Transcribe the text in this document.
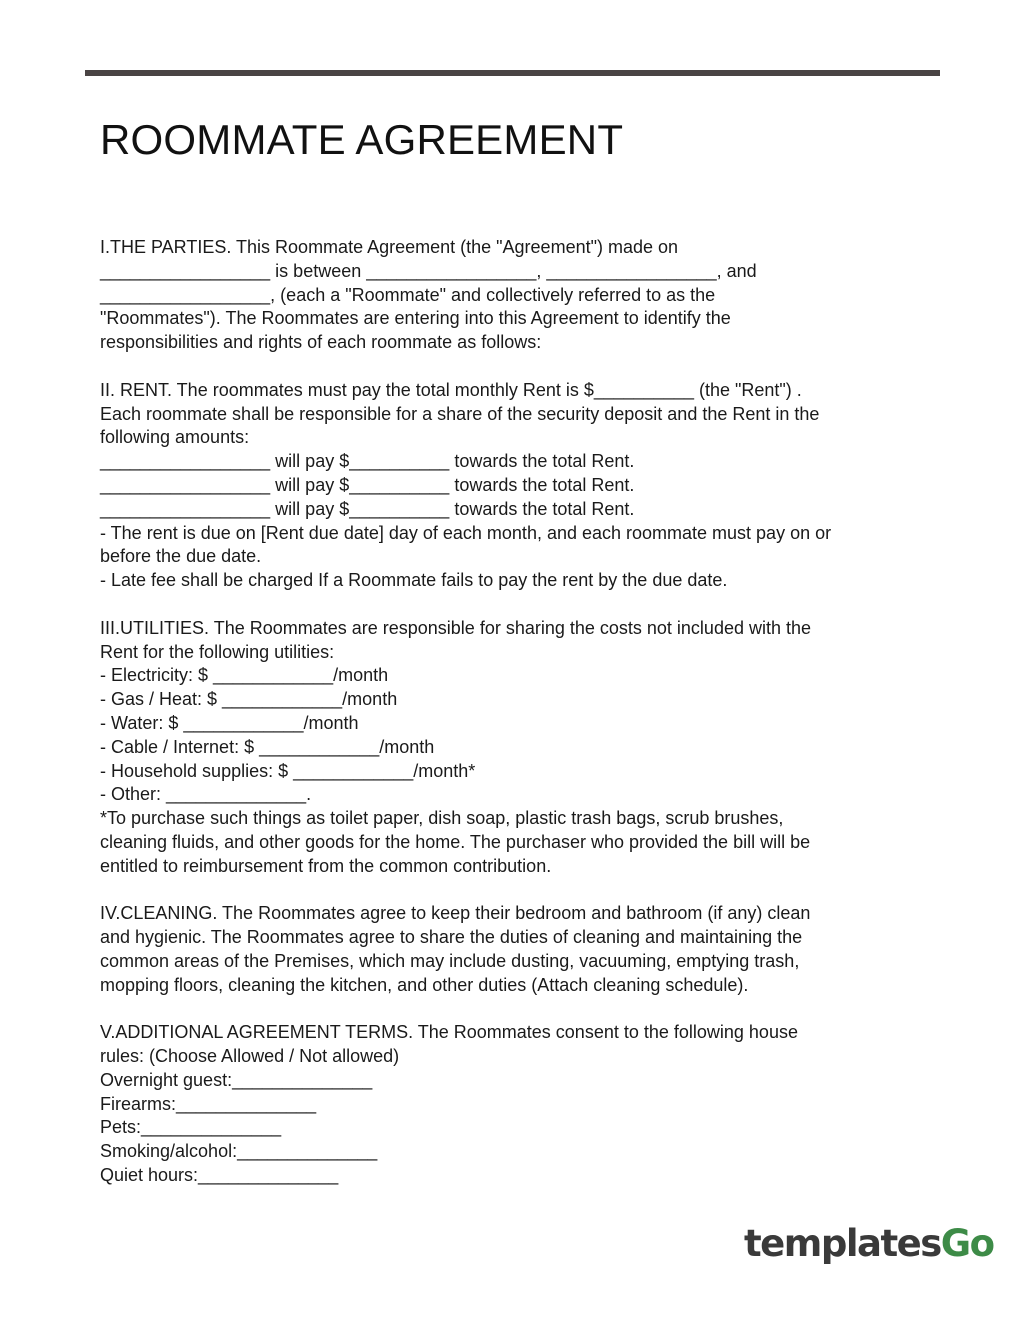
ROOMMATE AGREEMENT
I.THE PARTIES. This Roommate Agreement (the "Agreement") made on
_________________ is between _________________, _________________, and
_________________, (each a "Roommate" and collectively referred to as the
"Roommates"). The Roommates are entering into this Agreement to identify the
responsibilities and rights of each roommate as follows:
II. RENT. The roommates must pay the total monthly Rent is $__________ (the "Rent") .
Each roommate shall be responsible for a share of the security deposit and the Rent in the
following amounts:
_________________ will pay $__________ towards the total Rent.
_________________ will pay $__________ towards the total Rent.
_________________ will pay $__________ towards the total Rent.
- The rent is due on [Rent due date] day of each month, and each roommate must pay on or
before the due date.
- Late fee shall be charged If a Roommate fails to pay the rent by the due date.
III.UTILITIES. The Roommates are responsible for sharing the costs not included with the
Rent for the following utilities:
- Electricity: $ ____________/month
- Gas / Heat: $ ____________/month
- Water: $ ____________/month
- Cable / Internet: $ ____________/month
- Household supplies: $ ____________/month*
- Other: ______________.
*To purchase such things as toilet paper, dish soap, plastic trash bags, scrub brushes,
cleaning fluids, and other goods for the home. The purchaser who provided the bill will be
entitled to reimbursement from the common contribution.
IV.CLEANING. The Roommates agree to keep their bedroom and bathroom (if any) clean
and hygienic. The Roommates agree to share the duties of cleaning and maintaining the
common areas of the Premises, which may include dusting, vacuuming, emptying trash,
mopping floors, cleaning the kitchen, and other duties (Attach cleaning schedule).
V.ADDITIONAL AGREEMENT TERMS. The Roommates consent to the following house
rules: (Choose Allowed / Not allowed)
Overnight guest:______________
Firearms:______________
Pets:______________
Smoking/alcohol:______________
Quiet hours:______________
templatesGo
